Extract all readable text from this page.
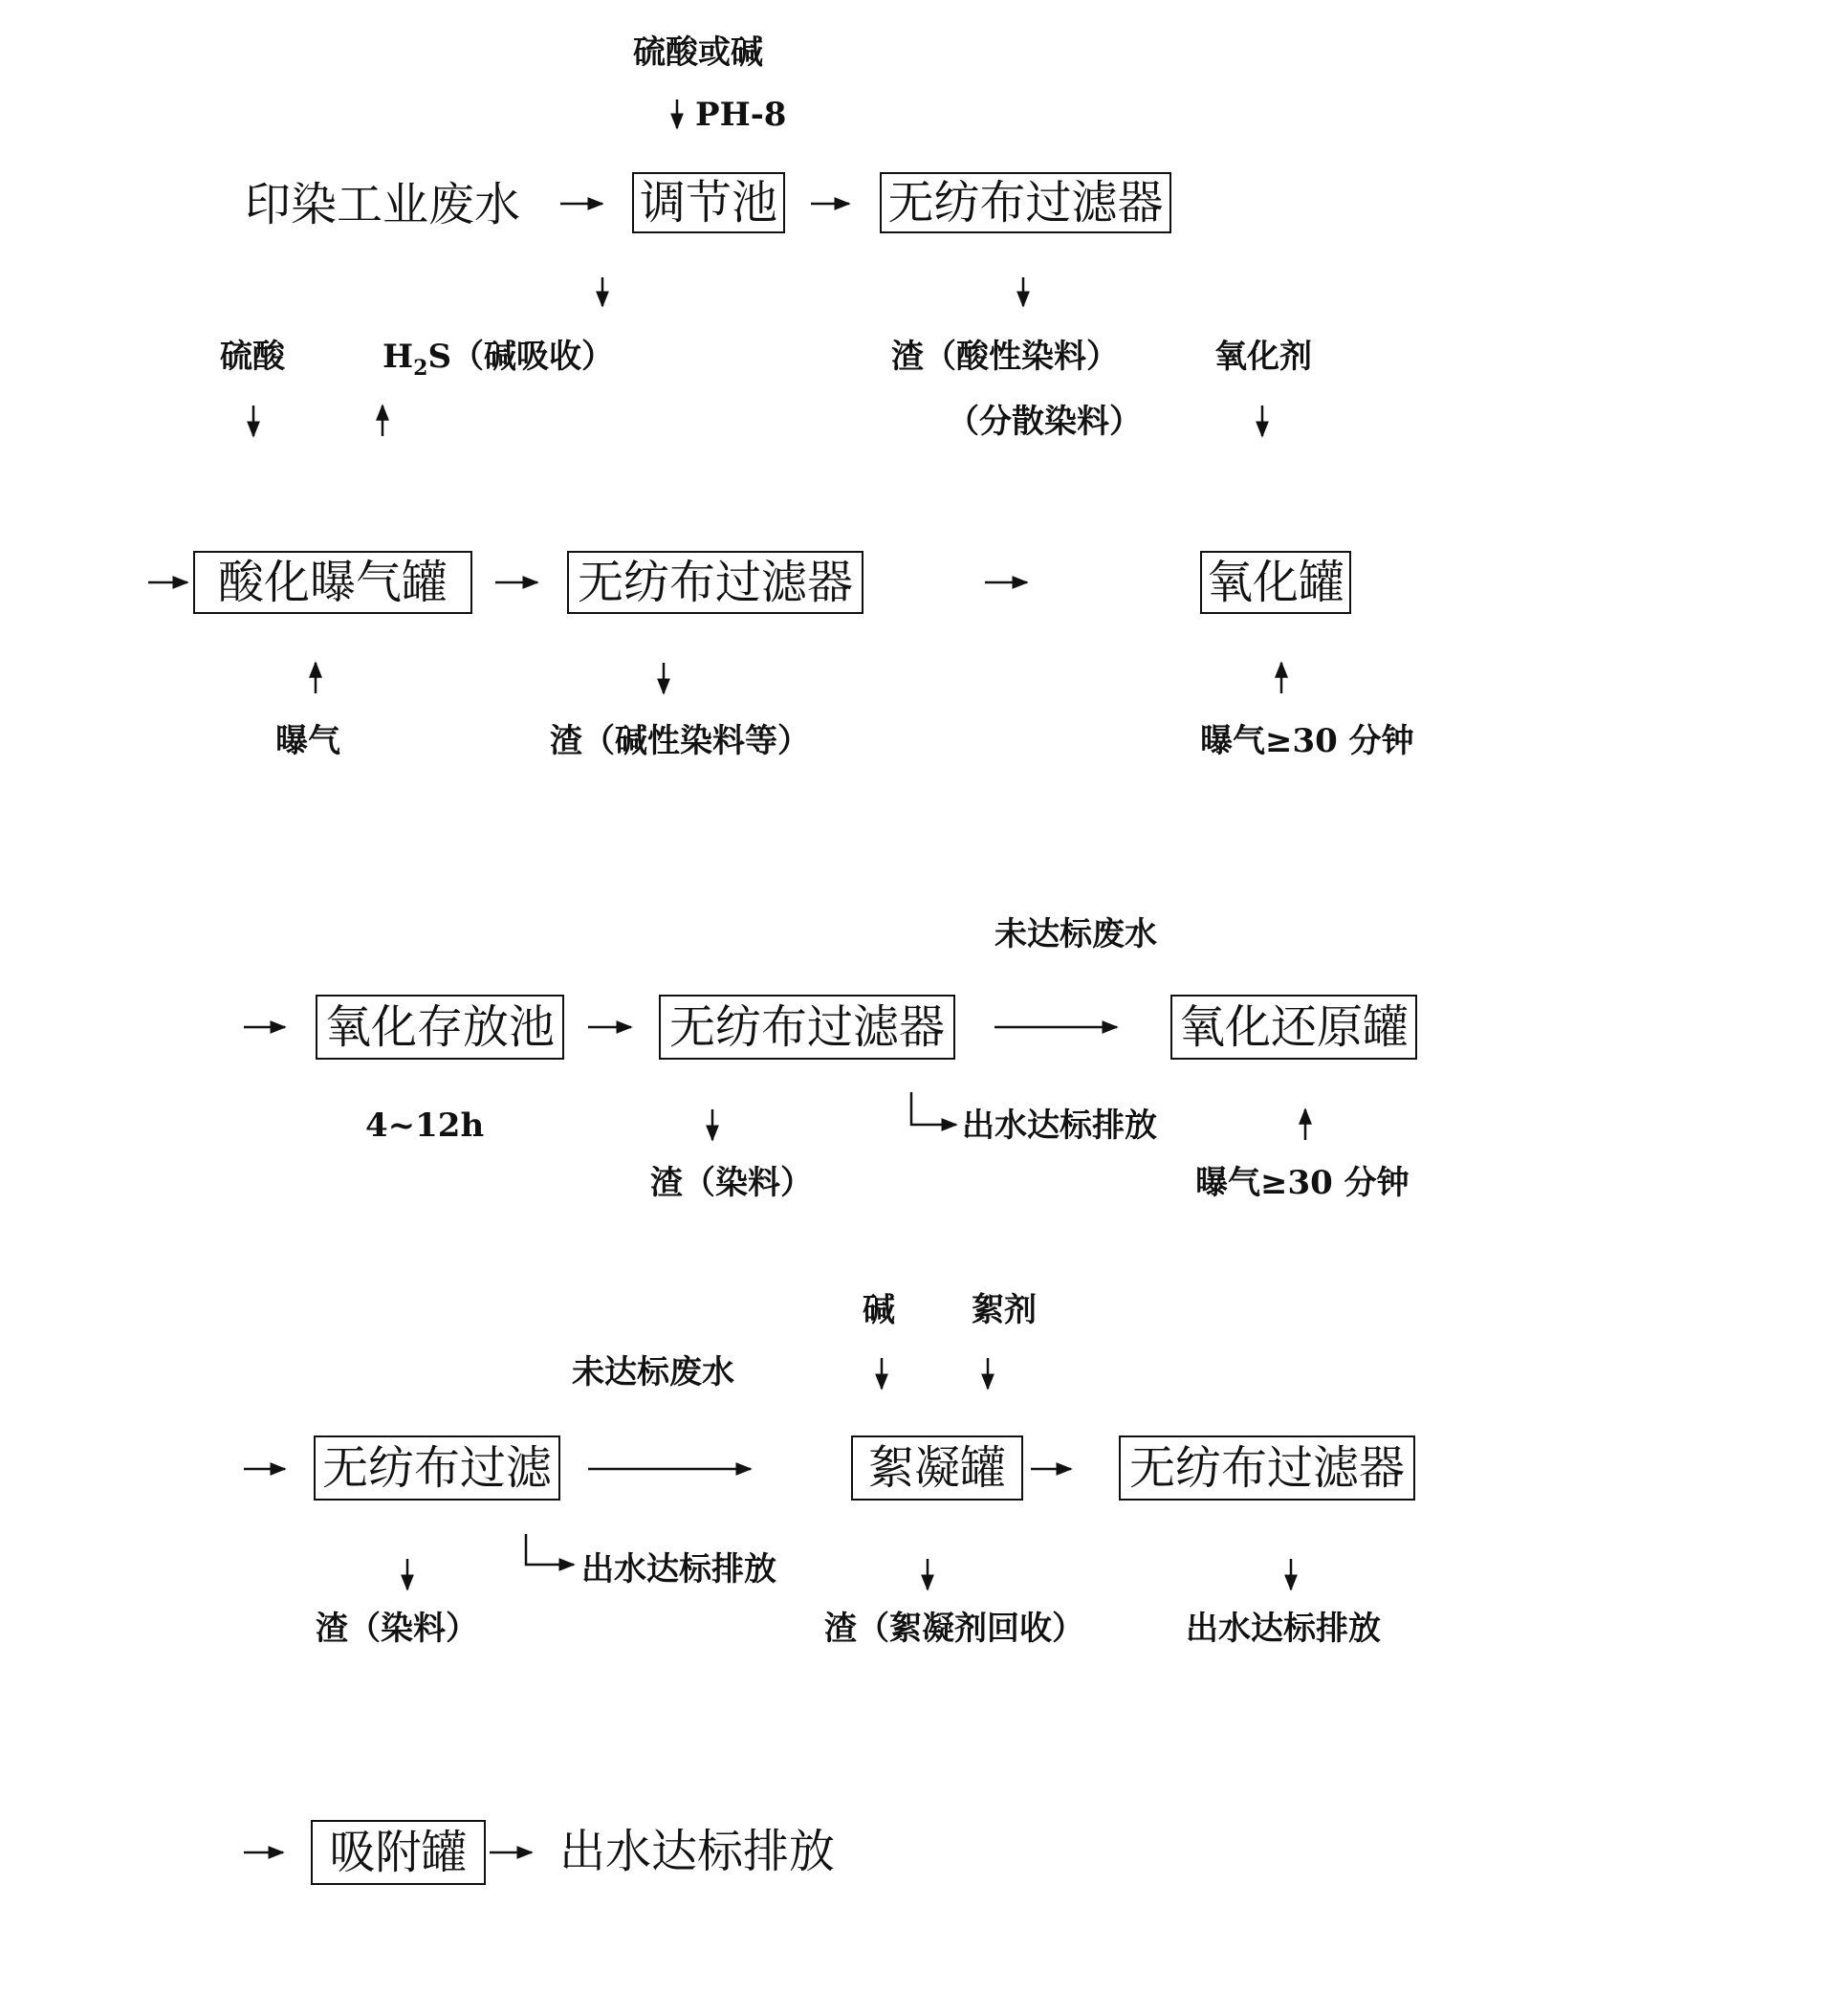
硫酸或碱
PH-8
印染工业废水	调节池 无纺布过滤器
硫酸	$H_2S$（碱吸收）	渣（酸性染料）
（分散染料）
氧化剂
酸化曝气罐	无纺布过滤器	氧化罐
曝气	渣（碱性染料等）	曝气≥30 分钟
未达标废水
氧化存放池 无纺布过滤器	氧化还原罐
4~12h	出水达标排放
渣（染料）	曝气≥30 分钟
碱 絮剂
未达标废水
无纺布过滤	絮凝罐	无纺布过滤器
出水达标排放
渣（染料）	渣（絮凝剂回收）	出水达标排放
吸附罐	出水达标排放
